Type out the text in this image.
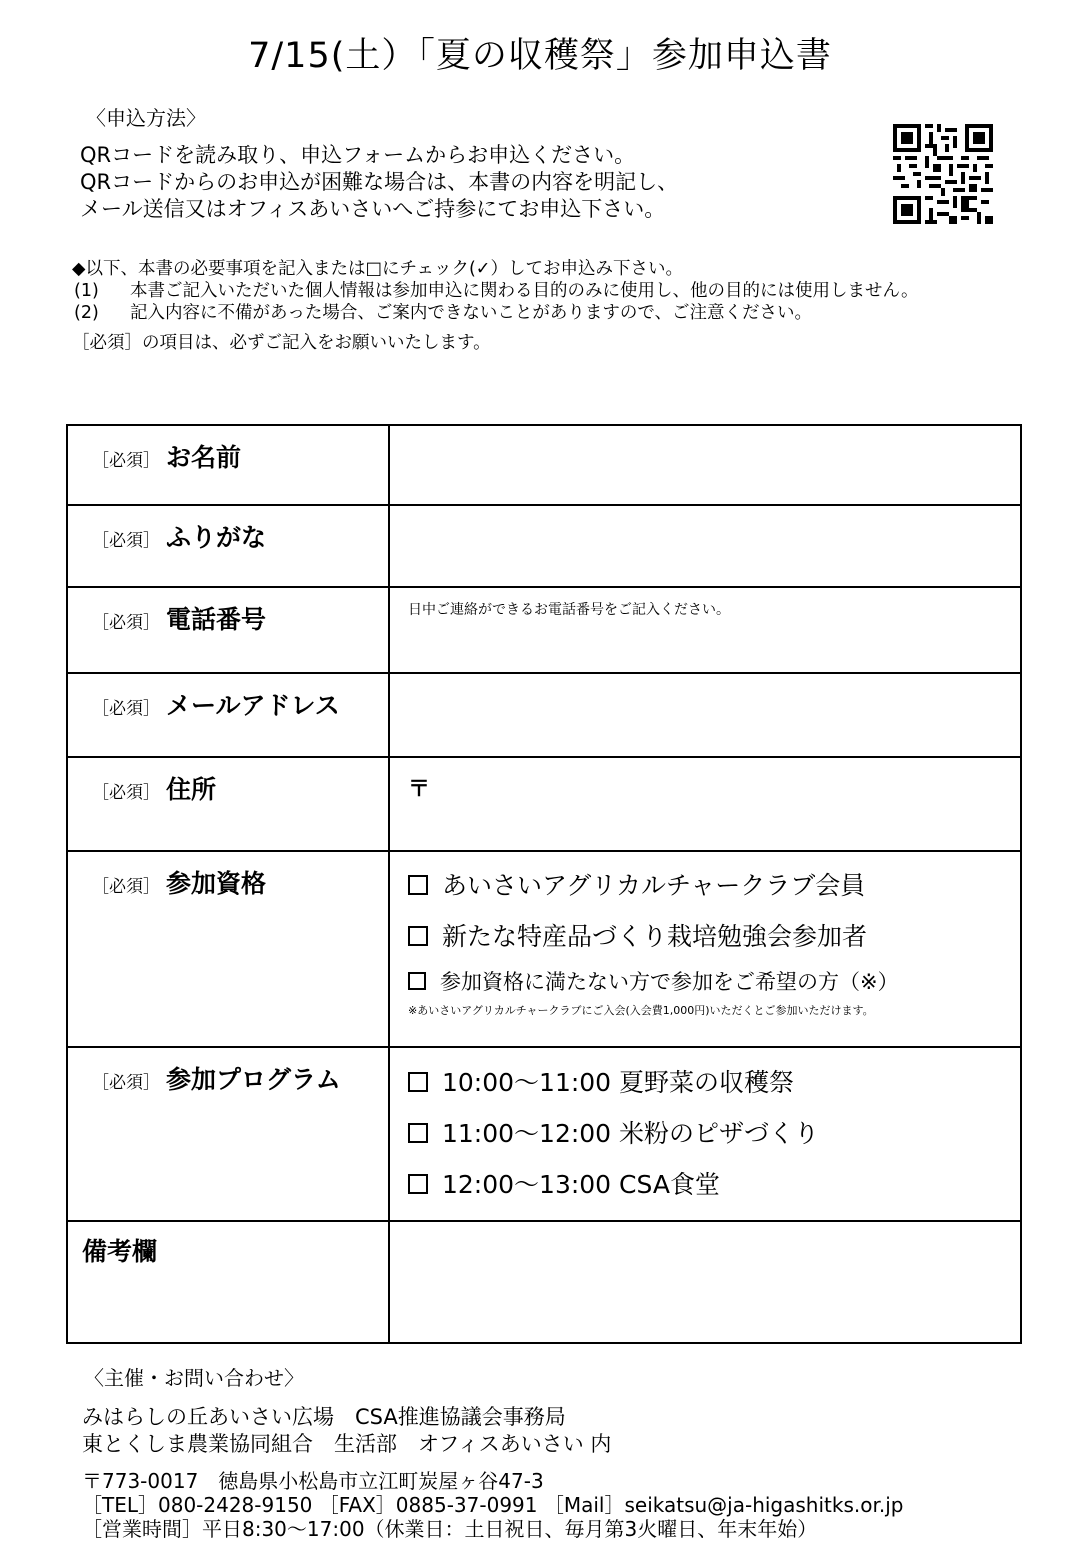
7/15(土）「夏の収穫祭」参加申込書
〈申込方法〉
QRコードを読み取り、申込フォームからお申込ください。
QRコードからのお申込が困難な場合は、本書の内容を明記し、
メール送信又はオフィスあいさいへご持参にてお申込下さい。
◆以下、本書の必要事項を記入または□にチェック(✓）してお申込み下さい。
(1)	本書ご記入いただいた個人情報は参加申込に関わる目的のみに使用し、他の目的には使用しません。
(2)	記入内容に不備があった場合、ご案内できないことがありますので、ご注意ください。
［必須］の項目は、必ずご記入をお願いいたします。
［必須］ お名前	
［必須］ ふりがな	
［必須］ 電話番号	日中ご連絡ができるお電話番号をご記入ください。

［必須］ メールアドレス	
［必須］ 住所	〒

［必須］ 参加資格	あいさいアグリカルチャークラブ会員
新たな特産品づくり栽培勉強会参加者
参加資格に満たない方で参加をご希望の方（※）
※あいさいアグリカルチャークラブにご入会(入会費1,000円)いただくとご参加いただけます。

［必須］ 参加プログラム	10:00～11:00 夏野菜の収穫祭
11:00～12:00 米粉のピザづくり
12:00～13:00 CSA食堂

備考欄	
〈主催・お問い合わせ〉
みはらしの丘あいさい広場　CSA推進協議会事務局
東とくしま農業協同組合　生活部　オフィスあいさい 内
〒773-0017　徳島県小松島市立江町炭屋ヶ谷47-3
［TEL］080-2428-9150 ［FAX］0885-37-0991 ［Mail］seikatsu@ja-higashitks.or.jp
［営業時間］平日8:30～17:00（休業日：土日祝日、毎月第3火曜日、年末年始）
